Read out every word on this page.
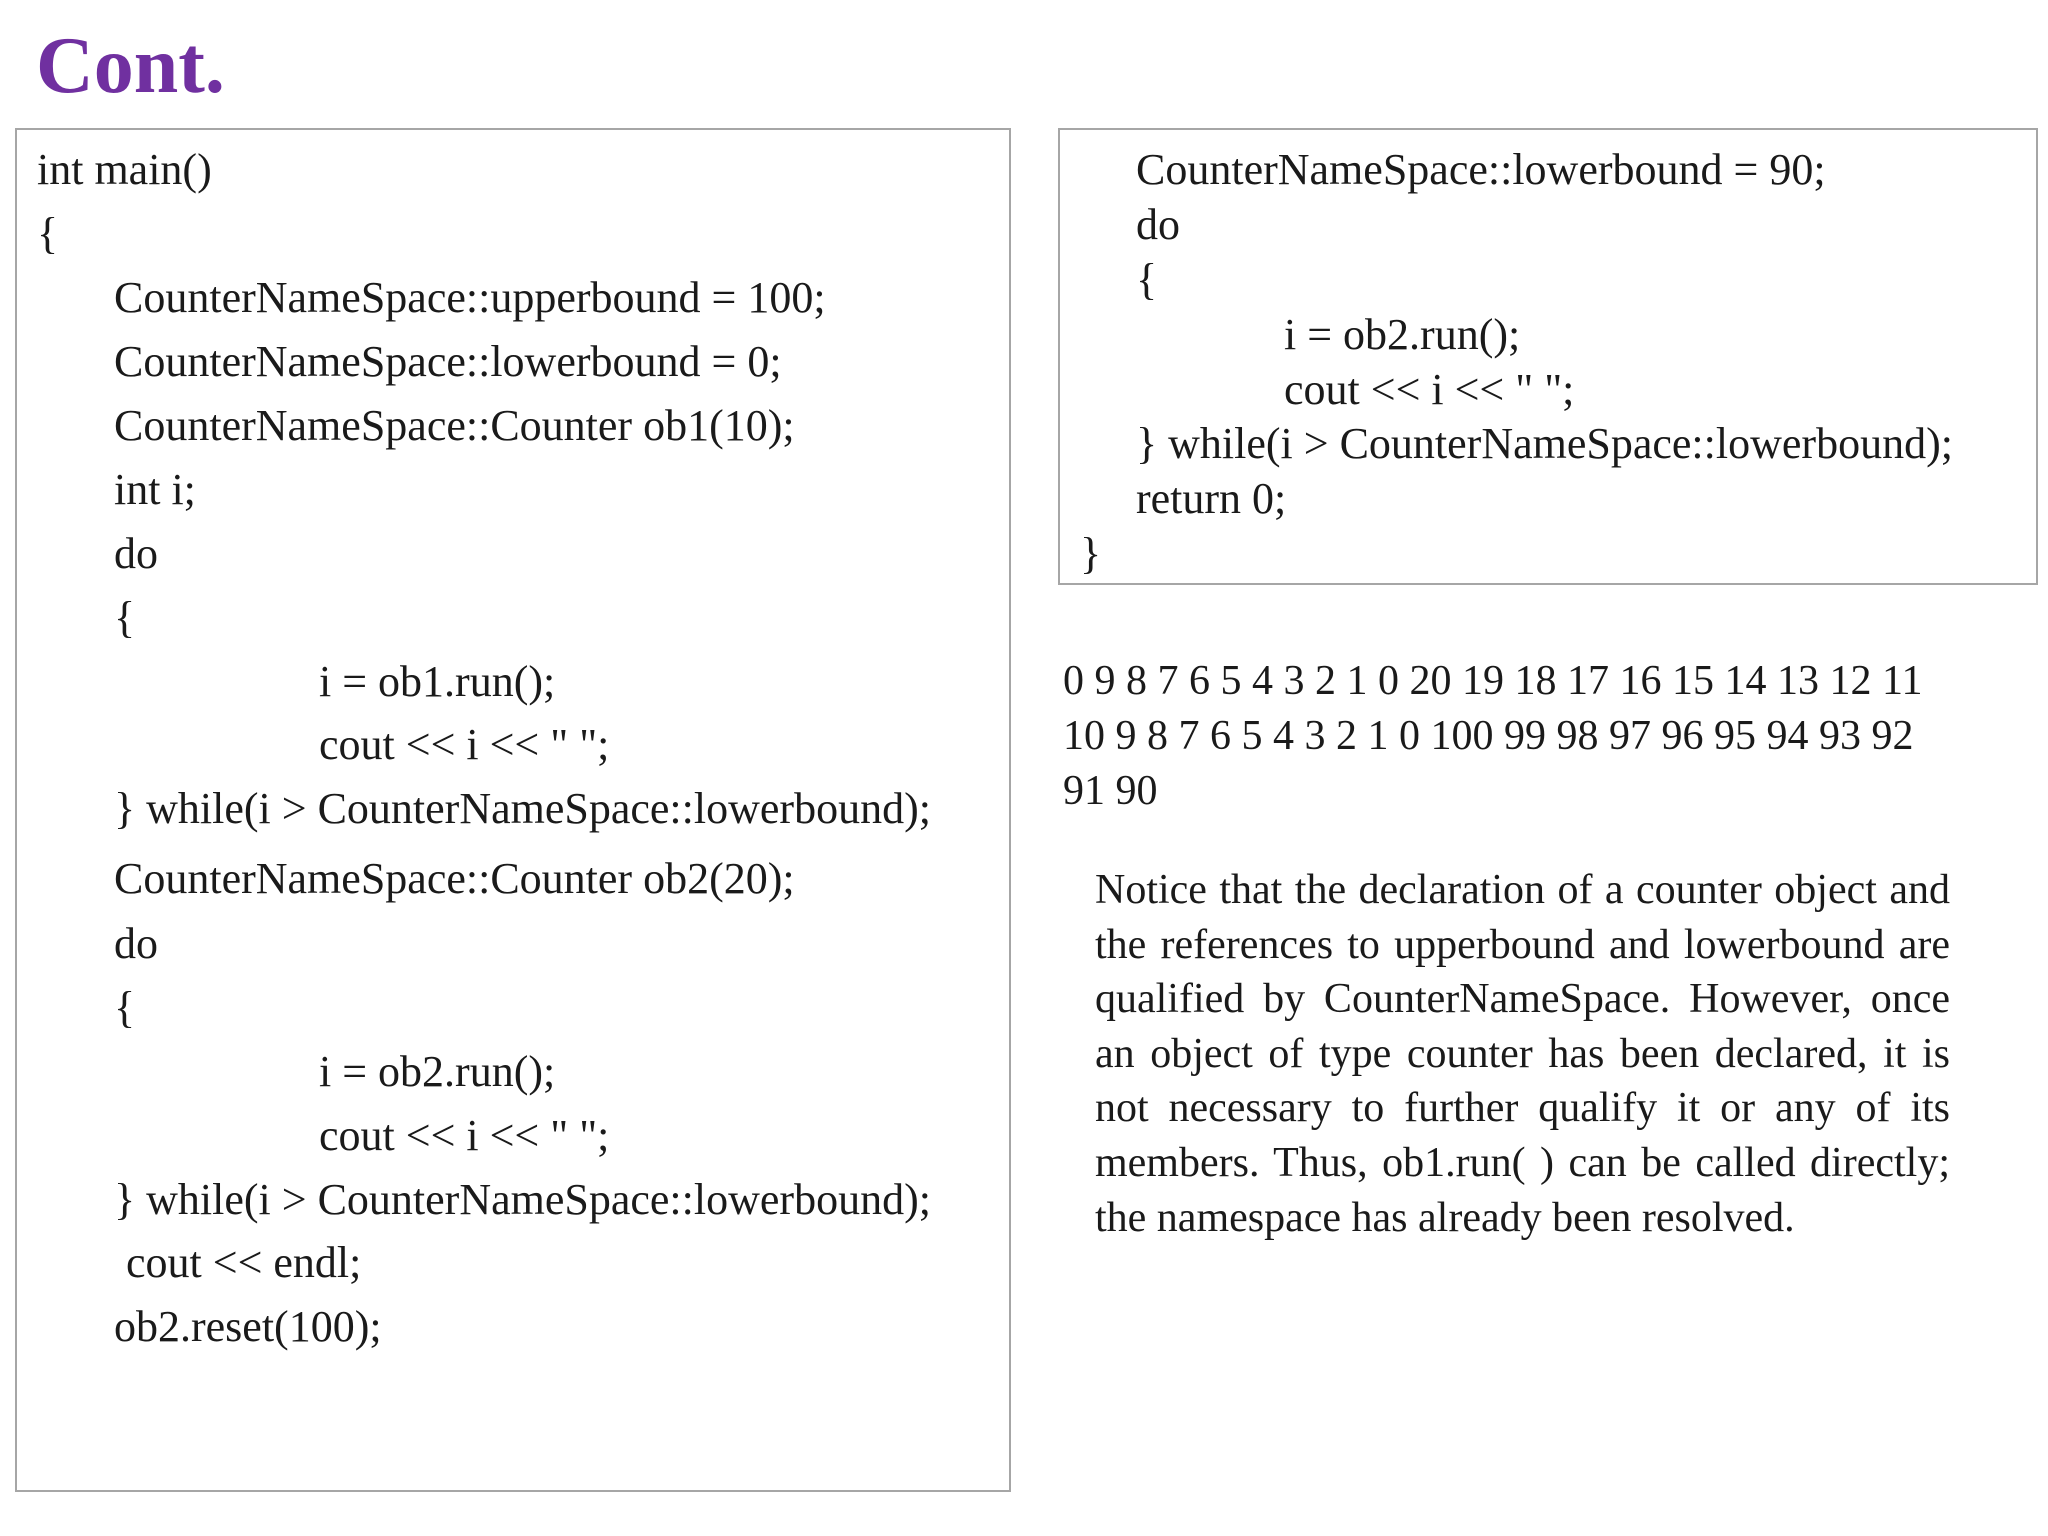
Cont.
int main()
{
CounterNameSpace::upperbound = 100;
CounterNameSpace::lowerbound = 0;
CounterNameSpace::Counter ob1(10);
int i;
do
{
i = ob1.run();
cout << i << " ";
} while(i > CounterNameSpace::lowerbound);
CounterNameSpace::Counter ob2(20);
do
{
i = ob2.run();
cout << i << " ";
} while(i > CounterNameSpace::lowerbound);
cout << endl;
ob2.reset(100);
CounterNameSpace::lowerbound = 90;
do
{
i = ob2.run();
cout << i << " ";
} while(i > CounterNameSpace::lowerbound);
return 0;
}

0 9 8 7 6 5 4 3 2 1 0 20 19 18 17 16 15 14 13 12 11 10 9 8 7 6 5 4 3 2 1 0 100 99 98 97 96 95 94 93 92 91 90

Notice that the declaration of a counter object and the references to upperbound and lowerbound are qualified by CounterNameSpace. However, once an object of type counter has been declared, it is not necessary to further qualify it or any of its members. Thus, ob1.run( ) can be called directly; the namespace has already been resolved.
